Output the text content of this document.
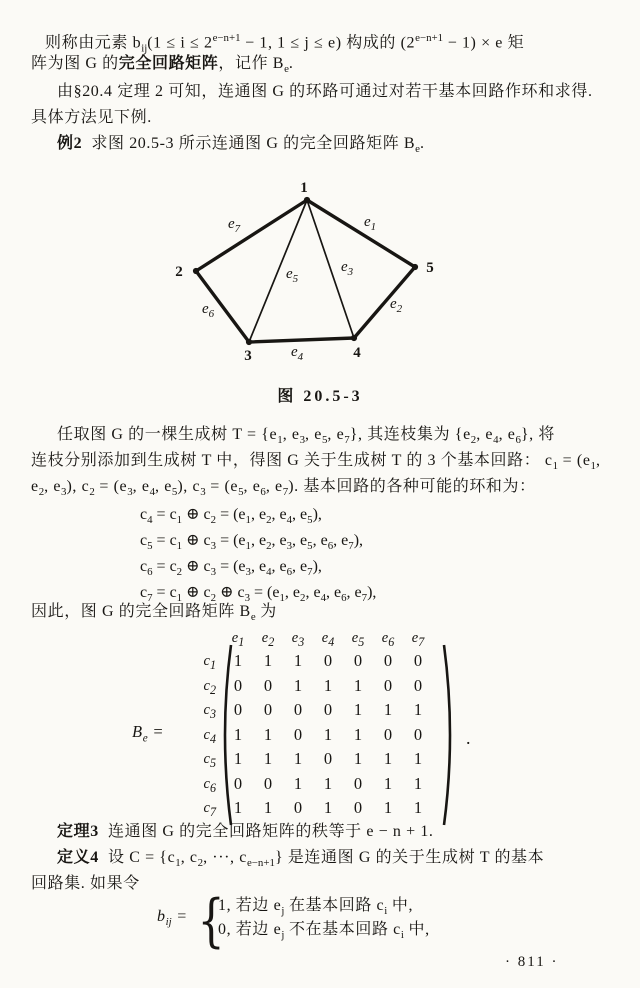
则称由元素 $b_{ij}(1 \le i \le 2^{e-n+1} - 1$, 1 ≤ j ≤ e) 构成的 $(2^{e-n+1} - 1) \times e$ 矩
阵为图 G 的完全回路矩阵，记作 $B_e$.
由§20.4 定理 2 可知，连通图 G 的环路可通过对若干基本回路作环和求得.
具体方法见下例.
例2 求图 20.5-3 所示连通图 G 的完全回路矩阵 $B_e$.
1
2	5
3	4
$e_7$	$e_1$
$e_5$
$e_3$
$e_6$
$e_2$
$e_4$
图 20.5-3
任取图 G 的一棵生成树 $T = \{e_1$, $e_3$, $e_5$, $e_7$}, 其连枝集为 {$e_2$, $e_4$, $e_6$}, 将
连枝分别添加到生成树 T 中，得图 G 关于生成树 T 的 3 个基本回路： $c_1 = (e_1$,
$e_2$, $e_3$), $c_2 = (e_3$, $e_4$, $e_5$), $c_3 = (e_5$, $e_6$, $e_7$). 基本回路的各种可能的环和为：
因此，图 G 的完全回路矩阵 $B_e$ 为
$B_e$ =
$c_1$
$c_2$
$c_3$
$c_4$
$c_5$
$c_6$
$c_7$
$e_1$	$e_2$	$e_3$	$e_4$	$e_5$	$e_6$	$e_7$
1	1	1	0	0	0	0
0	0	1	1	1	0	0
0	0	0	0	1	1	1
1	1	0	1	1	0	0
1	1	1	0	1	1	1
0	0	1	1	0	1	1
1	1	0	1	0	1	1
.
定理3 连通图 G 的完全回路矩阵的秩等于 e − n + 1.
定义4 设 $C = \{c_1$, $c_2$, ···, $c_{e-n+1}$} 是连通图 G 的关于生成树 T 的基本
回路集. 如果令
$b_{ij}$ = {
1, 若边 $e_j$ 在基本回路 $c_i$ 中,
0, 若边 $e_j$ 不在基本回路 $c_i$ 中,
· 811 ·
$c_4 = c_1$ ⊕ $c_2 = (e_1$, $e_2$, $e_4$, $e_5$),
$c_5 = c_1$ ⊕ $c_3 = (e_1$, $e_2$, $e_3$, $e_5$, $e_6$, $e_7$),
$c_6 = c_2$ ⊕ $c_3 = (e_3$, $e_4$, $e_6$, $e_7$),
$c_7 = c_1$ ⊕ $c_2$ ⊕ $c_3 = (e_1$, $e_2$, $e_4$, $e_6$, $e_7$),
